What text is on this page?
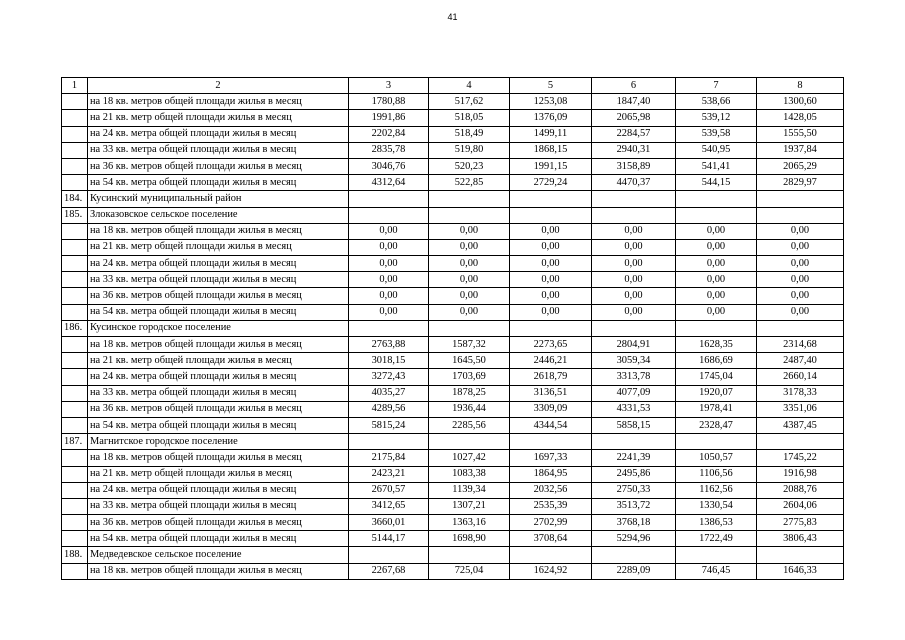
41
1	2	3	4	5	6	7	8
	на 18 кв. метров общей площади жилья в месяц	1780,88	517,62	1253,08	1847,40	538,66	1300,60
	на 21 кв. метр общей площади жилья в месяц	1991,86	518,05	1376,09	2065,98	539,12	1428,05
	на 24 кв. метра общей площади жилья в месяц	2202,84	518,49	1499,11	2284,57	539,58	1555,50
	на 33 кв. метра общей площади жилья в месяц	2835,78	519,80	1868,15	2940,31	540,95	1937,84
	на 36 кв. метров общей площади жилья в месяц	3046,76	520,23	1991,15	3158,89	541,41	2065,29
	на 54 кв. метра общей площади жилья в месяц	4312,64	522,85	2729,24	4470,37	544,15	2829,97
184.	Кусинский муниципальный район						
185.	Злоказовское сельское поселение						
	на 18 кв. метров общей площади жилья в месяц	0,00	0,00	0,00	0,00	0,00	0,00
	на 21 кв. метр общей площади жилья в месяц	0,00	0,00	0,00	0,00	0,00	0,00
	на 24 кв. метра общей площади жилья в месяц	0,00	0,00	0,00	0,00	0,00	0,00
	на 33 кв. метра общей площади жилья в месяц	0,00	0,00	0,00	0,00	0,00	0,00
	на 36 кв. метров общей площади жилья в месяц	0,00	0,00	0,00	0,00	0,00	0,00
	на 54 кв. метра общей площади жилья в месяц	0,00	0,00	0,00	0,00	0,00	0,00
186.	Кусинское городское поселение						
	на 18 кв. метров общей площади жилья в месяц	2763,88	1587,32	2273,65	2804,91	1628,35	2314,68
	на 21 кв. метр общей площади жилья в месяц	3018,15	1645,50	2446,21	3059,34	1686,69	2487,40
	на 24 кв. метра общей площади жилья в месяц	3272,43	1703,69	2618,79	3313,78	1745,04	2660,14
	на 33 кв. метра общей площади жилья в месяц	4035,27	1878,25	3136,51	4077,09	1920,07	3178,33
	на 36 кв. метров общей площади жилья в месяц	4289,56	1936,44	3309,09	4331,53	1978,41	3351,06
	на 54 кв. метра общей площади жилья в месяц	5815,24	2285,56	4344,54	5858,15	2328,47	4387,45
187.	Магнитское городское поселение						
	на 18 кв. метров общей площади жилья в месяц	2175,84	1027,42	1697,33	2241,39	1050,57	1745,22
	на 21 кв. метр общей площади жилья в месяц	2423,21	1083,38	1864,95	2495,86	1106,56	1916,98
	на 24 кв. метра общей площади жилья в месяц	2670,57	1139,34	2032,56	2750,33	1162,56	2088,76
	на 33 кв. метра общей площади жилья в месяц	3412,65	1307,21	2535,39	3513,72	1330,54	2604,06
	на 36 кв. метров общей площади жилья в месяц	3660,01	1363,16	2702,99	3768,18	1386,53	2775,83
	на 54 кв. метра общей площади жилья в месяц	5144,17	1698,90	3708,64	5294,96	1722,49	3806,43
188.	Медведевское сельское поселение						
	на 18 кв. метров общей площади жилья в месяц	2267,68	725,04	1624,92	2289,09	746,45	1646,33
